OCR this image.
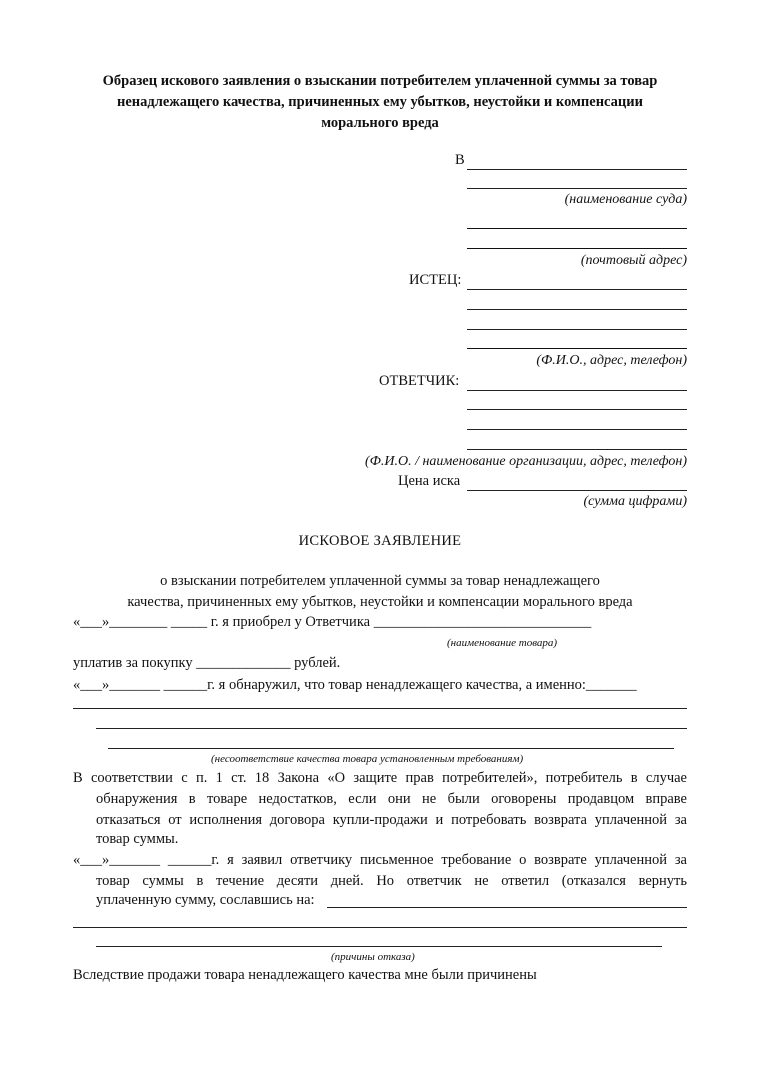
Образец искового заявления о взыскании потребителем уплаченной суммы за товар
ненадлежащего качества, причиненных ему убытков, неустойки и компенсации
морального вреда
В
(наименование суда)
(почтовый адрес)
ИСТЕЦ:
(Ф.И.О., адрес, телефон)
ОТВЕТЧИК:
(Ф.И.О. / наименование организации, адрес, телефон)
Цена иска
(сумма цифрами)
ИСКОВОЕ ЗАЯВЛЕНИЕ
о взыскании потребителем уплаченной суммы за товар ненадлежащего
качества, причиненных ему убытков, неустойки и компенсации морального вреда
«___»________ _____ г. я приобрел у Ответчика ______________________________
(наименование товара)
уплатив за покупку _____________ рублей.
«___»_______ ______г. я обнаружил, что товар ненадлежащего качества, а именно:_______
(несоответствие качества товара установленным требованиям)
В соответствии с п. 1 ст. 18 Закона «О защите прав потребителей», потребитель в случае
обнаружения в товаре недостатков, если они не были оговорены продавцом вправе
отказаться от исполнения договора купли-продажи и потребовать возврата уплаченной за
товар суммы.
«___»_______ ______г. я заявил ответчику письменное требование о возврате уплаченной за
товар суммы в течение десяти дней. Но ответчик не ответил (отказался вернуть
уплаченную сумму, сославшись на:
(причины отказа)
Вследствие продажи товара ненадлежащего качества мне были причинены
